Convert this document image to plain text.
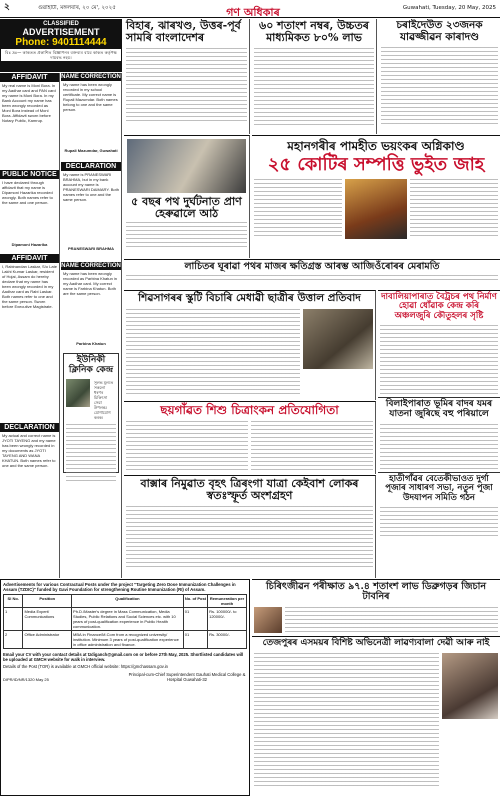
২	গুৱাহাটী, মঙ্গলবাৰ, ২০ মে', ২০২৫	গণ অধিকাৰ	Guwahati, Tuesday, 20 May, 2025
CLASSIFIED
ADVERTISEMENT
Phone: 9401114444
বিঃ দ্ৰঃ— কাকতত প্ৰকাশিত বিজ্ঞাপনৰ বক্তব্যৰ বাবে কাকত কৰ্তৃপক্ষ দায়বদ্ধ নহয়।
AFFIDAVIT
My real name is Moni Bora. In my Aadhar card and PAN card my name is Moni Bora. In my Bank Account my name has been wrongly recorded as Moni Bora instead of Moni Bora. Affidavit sworn before Notary Public, Kamrup.
PUBLIC NOTICE
I have declared through affidavit that my name is Dipamoni Hazarika recorded wrongly. Both names refer to the same and one person.
Dipamoni Hazarika
AFFIDAVIT
I, Rabinandan Laskar, S/o Late Lakhi Kumar Laskar, resident of Hojai, Assam do hereby declare that my name has been wrongly recorded in my Aadhar card as Rabi Laskar. Both names refer to one and the same person. Sworn before Executive Magistrate.
DECLARATION
My actual and correct name is JYOTI TAYENG and my name has been wrongly recorded in my documents as JYOTI TAYENG AND WANA KHATUN. Both names refer to one and the same person.
NAME CORRECTION
My name has been wrongly recorded in my school certificate. My correct name is Rupali Mazumdar. Both names belong to one and the same person.
Rupali Mazumdar, Guwahati
DECLARATION
My name is PRANESWARI BRAHMA, but in my bank account my name is PRANESWARI DAIMARY. Both names refer to one and the same person.
PRANESWARI BRAHMA
NAME CORRECTION
My name has been wrongly recorded as Parbina Khatun in my Aadhar card. My correct name is Farbina Khatun. Both are the same person.
Parbina Khatun
ইউনিকী ক্লিনিক কেন্দ্ৰ
সুলভ মূল্যত সকলো ধৰণৰ চিকিৎসা সেৱা উপলব্ধ। যোগাযোগ কৰক।
বিহাৰ, ঝাৰখণ্ড, উত্তৰ-পূৰ্ব সামৰি বাংলাদেশৰ
৬০ শতাংশ নম্বৰ, উচ্চতৰ মাধ্যমিকত ৮০% লাভ
চৰাইদেউত ২৩জনক যাৱজ্জীৱন কাৰাদণ্ড
মহানগৰীৰ পামহীত ভয়ংকৰ অগ্নিকাণ্ড
২৫ কোটিৰ সম্পত্তি ভুইত জাহ
৫ বছৰ পথ দুৰ্ঘটনাত প্ৰাণ হেৰুৱালে আঠ
লাচিতৰ ঘূৰাৱা পথৰ মাজৰ ক্ষতিগ্ৰস্ত আৰম্ভ আজিওঁৰোৰৰ মেৰামতি
শিৱসাগৰৰ স্কুটি বিচাৰি মেধাৱী ছাত্ৰীৰ উত্তাল প্ৰতিবাদ	দাবালিয়াপাৰাত বৈট্ৰচৰ পথ নিৰ্মাণ হোৱা ধোঁৱাক কেন্দ্ৰ কৰি অঞ্চলজুৰি কৌতুহলৰ সৃষ্টি
বিলাইপাৰাত ভূমিৰ বাদৰ যমৰ যাতনা জুৰিছে বহু পৰিয়ালে
হাতীগাঁৱৰ বেতেকীভাওত দুৰ্গা পূজাৰ সাধাৰণ সভা, নতুন পূজা উদযাপন সমিতি গঠন
ছয়গাঁৱত শিশু চিত্ৰাংকন প্ৰতিযোগিতা
বাক্সাৰ নিমুৱাত বৃহৎ ত্ৰিৰংগা যাত্ৰা কেইবাশ লোকৰ স্বতঃস্ফূৰ্ত অংশগ্ৰহণ
চিৰিৎজীৱন পৰীক্ষাত ৯৭.৪ শতাংশ লাভ ডিব্ৰুগড়ৰ জিচান টাবনিৰ
তেজপুৰৰ এসময়ৰ বিশিষ্ট অভিনেত্ৰী লাৱণ্যবালা দেৱী আৰু নাই
Advertisements for various Contractual Posts under the project "Targeting Zero Dose Immunization Challenges in Assam (TZDIC)" funded by Gavi Foundation for strengthening Routine Immunization (RI) of Assam.
Sl No.	Position	Qualification	No. of Post	Remuneration per month
1	Media Expert/ Communications	Ph.D./Master's degree in Mass Communication, Media Studies, Public Relations and Social Sciences etc. with 10 years of post-qualification experience in Public Health communication.	01	Rs. 100000/- to 120000/-
2	Office Administrator	MBA in Finance/M.Com from a recognized university/ institution. Minimum 3 years of post-qualification experience in office administration and finance.	01	Rs. 30000/-
Email your CV with your contact details at tzdiganch@gmail.com on or before 27th May, 2025. Shortlisted candidates will be uploaded at GMCH website for walk in interview.
Details of the Post (TOR) is available at GMCH official website: https://gmchassam.gov.in
DIPR/ID/NR/1320 May 25
Principal-cum-Chief Superintendent Gauhati Medical College & Hospital Guwahati-32
